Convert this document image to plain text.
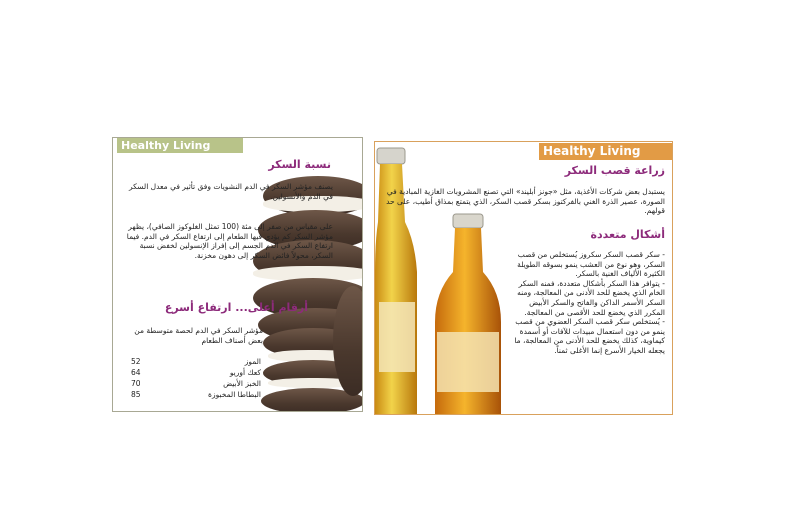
Healthy Living
نسبة السكر
يصنف مؤشر السكر في الدم النشويات وفق تأثير في معدل السكر في الدم والأنسولين.
على مقياس من صفر إلى مئة (100 تمثل الغلوكوز الصافي)، يظهر مؤشر السكر كم يؤدي فيها الطعام إلى ارتفاع السكر في الدم. فيما ارتفاع السكر في الدم الجسم إلى إفراز الإنسولين لخفض نسبة السكر، محولاً فائض السكر إلى دهون مخزنة.
أرقام أعلى... ارتفاع أسرع
مؤشر السكر في الدم لحصة متوسطة من بعض أصناف الطعام
52	الموز
64	كعك أوريو
70	الخبز الأبيض
85	البطاطا المخبوزة
Healthy Living
زراعة قصب السكر
يستبدل بعض شركات الأغذية، مثل «جونز أبليند» التي تصنع المشروبات الغازية المبادية في الصورة، عصير الذرة الغني بالفركتوز بسكر قصب السكر، الذي يتمتع بمذاق أطيب، على حد قولهم.
أشكال متعددة
- سكر قصب السكر سكروز يُستخلص من قصب السكر، وهو نوع من العشب ينمو بسوقه الطويلة الكثيرة الألياف الغنية بالسكر.
- يتوافر هذا السكر بأشكال متعددة، فمنه السكر الخام الذي يخضع للحد الأدنى من المعالجة، ومنه السكر الأسمر الداكن والفاتح والسكر الأبيض المكرر الذي يخضع للحد الأقصى من المعالجة.
- يُستخلص سكر قصب السكر العضوي من قصب ينمو من دون استعمال مبيدات للآفات أو أسمدة كيماوية، كذلك يخضع للحد الأدنى من المعالجة، ما يجعله الخيار الأسرع إنما الأغلى ثمناً.
